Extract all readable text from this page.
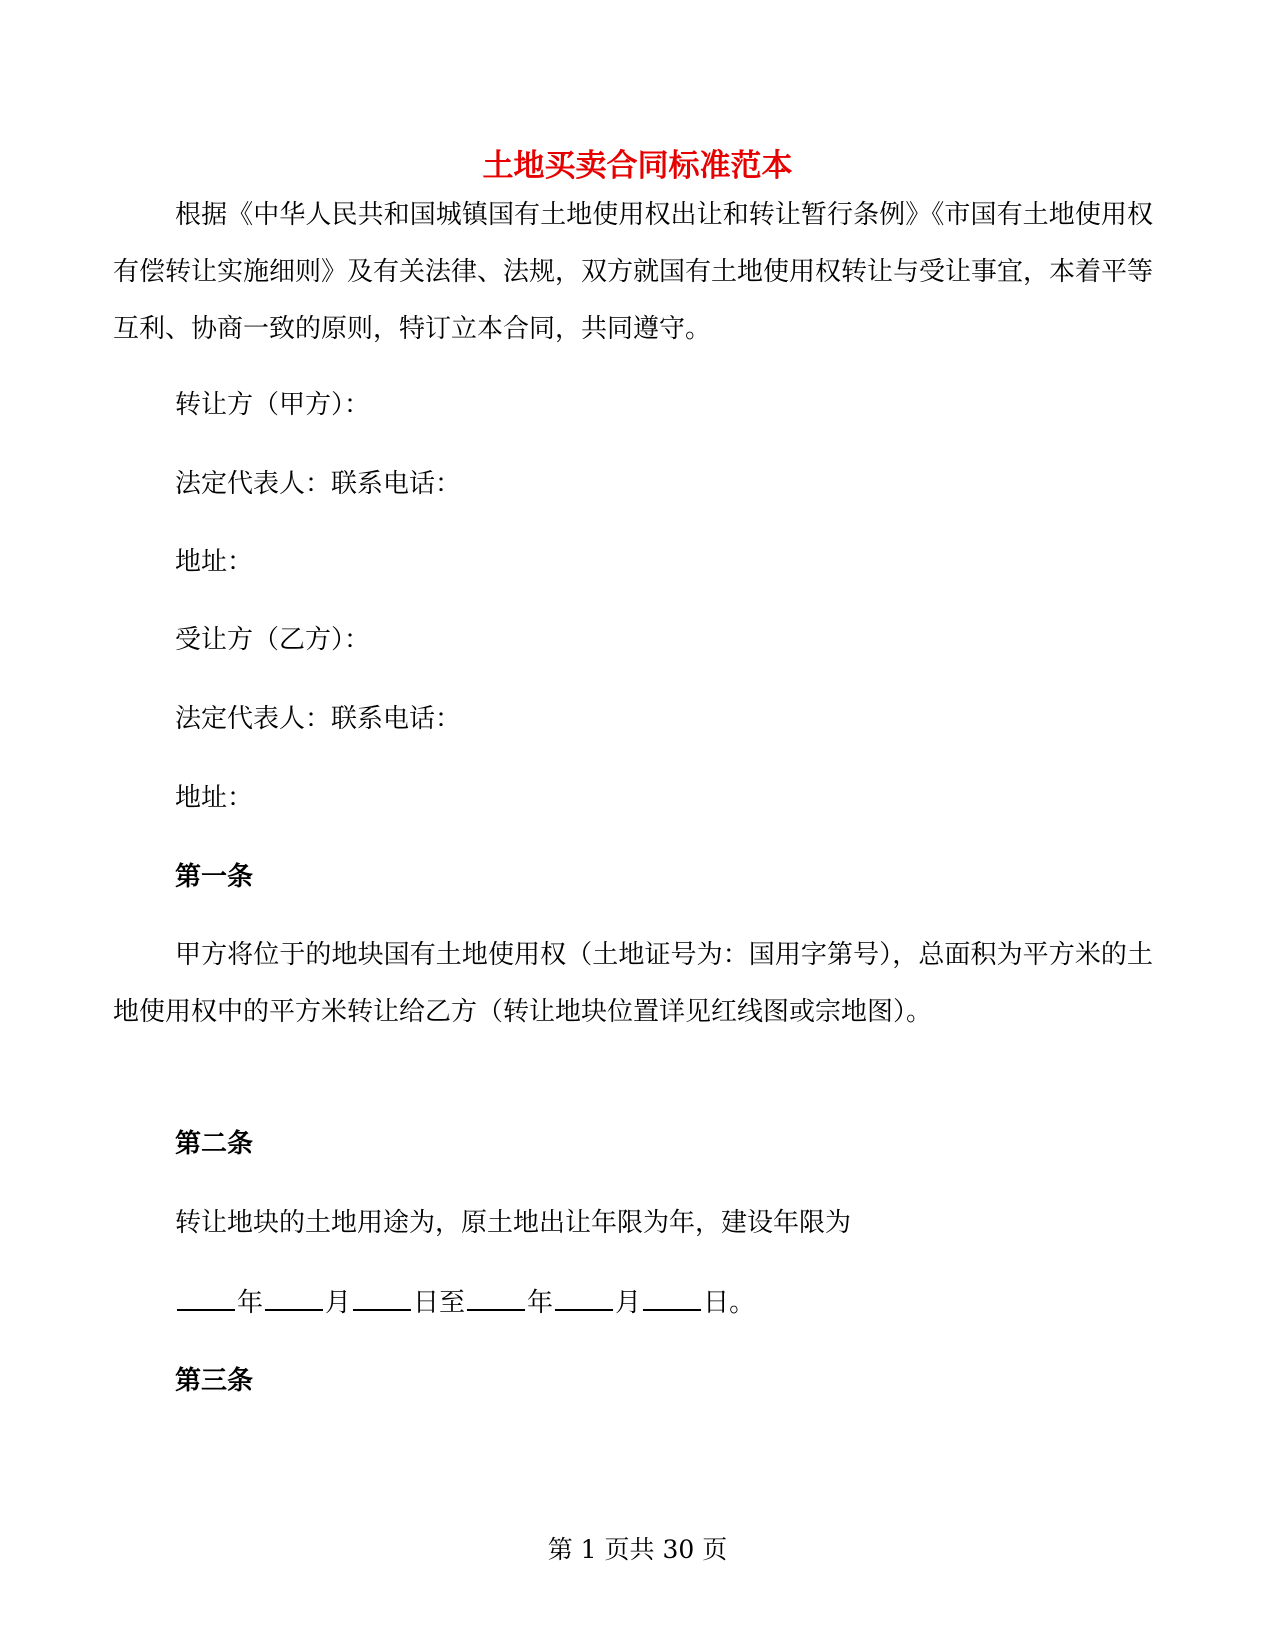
土地买卖合同标准范本
根据《中华人民共和国城镇国有土地使用权出让和转让暂行条例》《市国有土地使用权有偿转让实施细则》及有关法律、法规，双方就国有土地使用权转让与受让事宜，本着平等互利、协商一致的原则，特订立本合同，共同遵守。
转让方（甲方）：
法定代表人：联系电话：
地址：
受让方（乙方）：
法定代表人：联系电话：
地址：
第一条
甲方将位于的地块国有土地使用权（土地证号为：国用字第号），总面积为平方米的土地使用权中的平方米转让给乙方（转让地块位置详见红线图或宗地图）。
第二条
转让地块的土地用途为，原土地出让年限为年，建设年限为
年 月 日至 年 月 日。
第三条
第 1 页共 30 页
